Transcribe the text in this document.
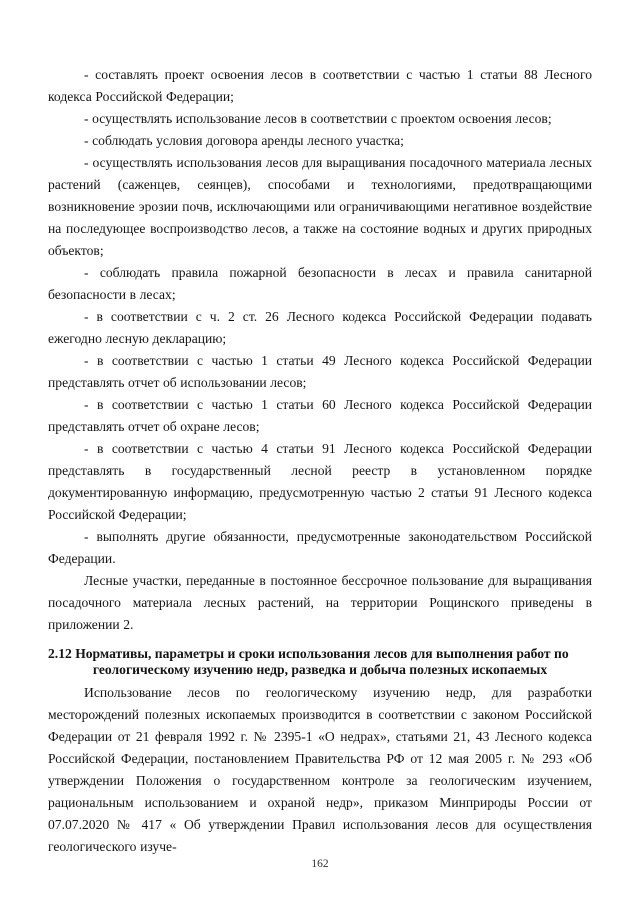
- составлять проект освоения лесов в соответствии с частью 1 статьи 88 Лесного кодекса Российской Федерации;

- осуществлять использование лесов в соответствии с проектом освоения лесов;

- соблюдать условия договора аренды лесного участка;

- осуществлять использования лесов для выращивания посадочного материала лесных растений (саженцев, сеянцев), способами и технологиями, предотвращающими возникновение эрозии почв, исключающими или ограничивающими негативное воздействие на последующее воспроизводство лесов, а также на состояние водных и других природных объектов;

- соблюдать правила пожарной безопасности в лесах и правила санитарной безопасности в лесах;

- в соответствии с ч. 2 ст. 26 Лесного кодекса Российской Федерации подавать ежегодно лесную декларацию;

- в соответствии с частью 1 статьи 49 Лесного кодекса Российской Федерации представлять отчет об использовании лесов;

- в соответствии с частью 1 статьи 60 Лесного кодекса Российской Федерации представлять отчет об охране лесов;

- в соответствии с частью 4 статьи 91 Лесного кодекса Российской Федерации представлять в государственный лесной реестр в установленном порядке документированную информацию, предусмотренную частью 2 статьи 91 Лесного кодекса Российской Федерации;

- выполнять другие обязанности, предусмотренные законодательством Российской Федерации.

Лесные участки, переданные в постоянное бессрочное пользование для выращивания посадочного материала лесных растений, на территории Рощинского приведены в приложении 2.

2.12 Нормативы, параметры и сроки использования лесов для выполнения работ по
геологическому изучению недр, разведка и добыча полезных ископаемых

Использование лесов по геологическому изучению недр, для разработки месторождений полезных ископаемых производится в соответствии с законом Российской Федерации от 21 февраля 1992 г. № 2395-1 «О недрах», статьями 21, 43 Лесного кодекса Российской Федерации, постановлением Правительства РФ от 12 мая 2005 г. № 293 «Об утверждении Положения о государственном контроле за геологическим изучением, рациональным использованием и охраной недр», приказом Минприроды России от 07.07.2020 № 417 « Об утверждении Правил использования лесов для осуществления геологического изуче-

162
